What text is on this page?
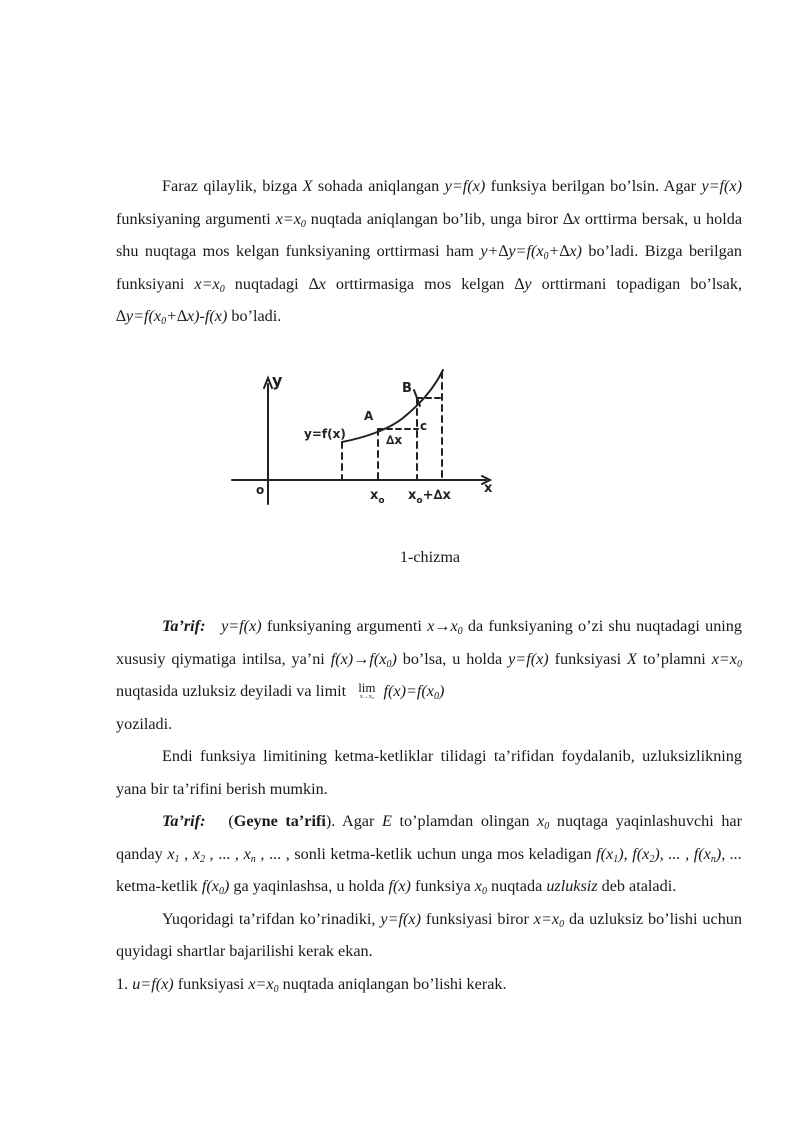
Faraz qilaylik, bizga X sohada aniqlangan y=f(x) funksiya berilgan bo’lsin. Agar y=f(x) funksiyaning argumenti $x=x_0$ nuqtada aniqlangan bo’lib, unga biror ∆x orttirma bersak, u holda shu nuqtaga mos kelgan funksiyaning orttirmasi ham $y+\Delta y=f(x_0+\Delta x)$ bo’ladi. Bizga berilgan funksiyani $x=x_0$ nuqtadagi ∆x orttirmasiga mos kelgan ∆y orttirmani topadigan bo’lsak, $\Delta y=f(x_0+\Delta x)-f(x)$ bo’ladi.

y
x
o
y=f(x)
A
B
c
∆x
$x_o$ $x_o+\Delta x$
1-chizma

Ta’rif: y=f(x) funksiyaning argumenti $x\to x_0$ da funksiyaning o’zi shu nuqtadagi uning xususiy qiymatiga intilsa, ya’ni $f(x)\to f(x_0)$ bo’lsa, u holda y=f(x) funksiyasi X to’plamni $x=x_0$ nuqtasida uzluksiz deyiladi va limit lim
x→x₀ $f(x)=f(x_0)$

yoziladi.

Endi funksiya limitining ketma-ketliklar tilidagi ta’rifidan foydalanib, uzluksizlikning yana bir ta’rifini berish mumkin.

Ta’rif:   (Geyne ta’rifi). Agar E to’plamdan olingan $x_0$ nuqtaga yaqinlashuvchi har qanday $x_1$ , $x_2$ , ... , $x_n$ , ... , sonli ketma-ketlik uchun unga mos keladigan $f(x_1)$, $f(x_2)$, ... , $f(x_n)$, ... ketma-ketlik $f(x_0)$ ga yaqinlashsa, u holda f(x) funksiya $x_0$ nuqtada uzluksiz deb ataladi.

Yuqoridagi ta’rifdan ko’rinadiki, y=f(x) funksiyasi biror $x=x_0$ da uzluksiz bo’lishi uchun quyidagi shartlar bajarilishi kerak ekan.

1. u=f(x) funksiyasi $x=x_0$ nuqtada aniqlangan bo’lishi kerak.
